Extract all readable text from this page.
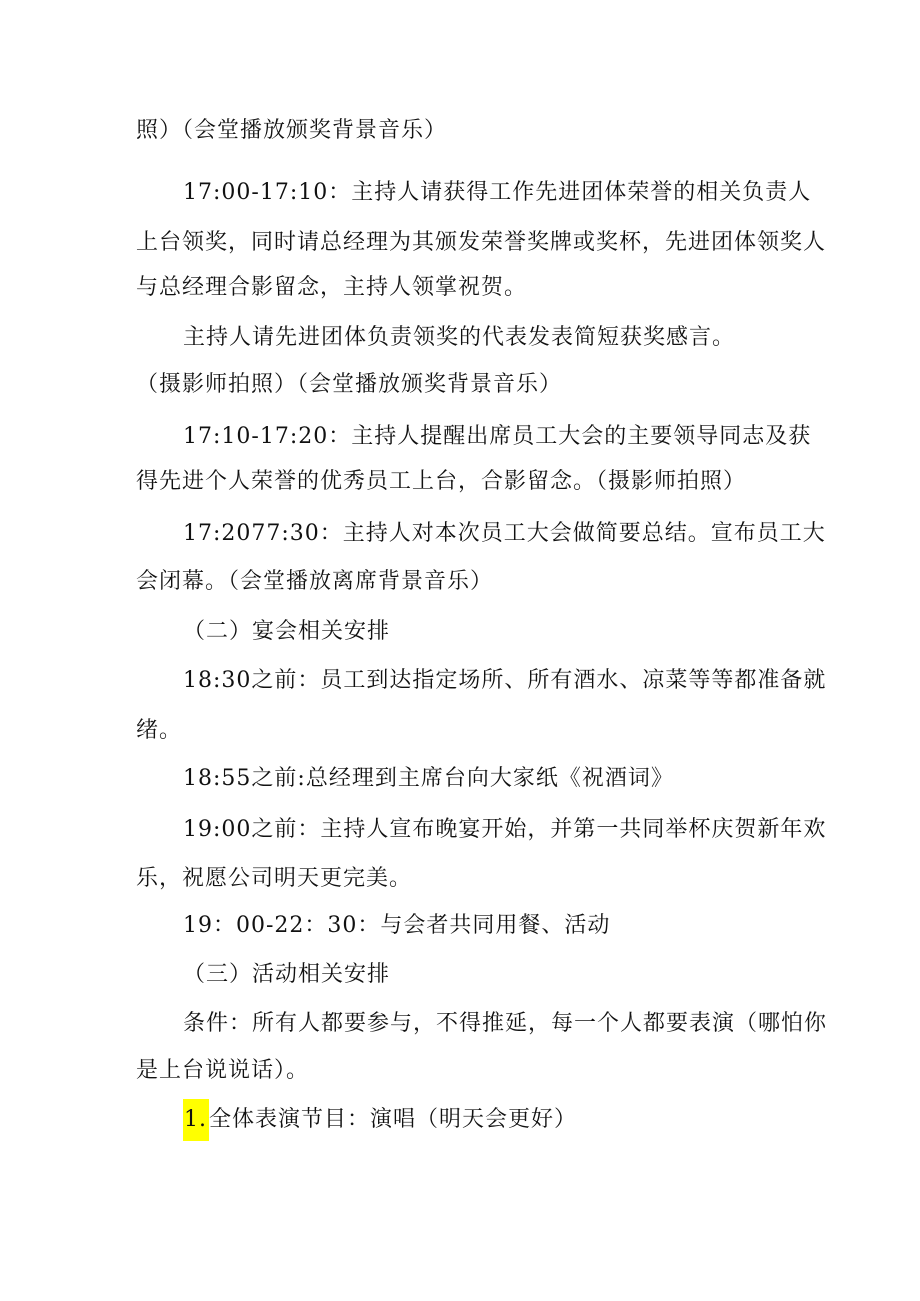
照）（会堂播放颁奖背景音乐）
17:00-17:10：主持人请获得工作先进团体荣誉的相关负责人
上台领奖，同时请总经理为其颁发荣誉奖牌或奖杯，先进团体领奖人
与总经理合影留念，主持人领掌祝贺。
主持人请先进团体负责领奖的代表发表简短获奖感言。
（摄影师拍照）（会堂播放颁奖背景音乐）
17:10-17:20：主持人提醒出席员工大会的主要领导同志及获
得先进个人荣誉的优秀员工上台，合影留念。（摄影师拍照）
17:2077:30：主持人对本次员工大会做简要总结。宣布员工大
会闭幕。（会堂播放离席背景音乐）
（二）宴会相关安排
18:30之前：员工到达指定场所、所有酒水、凉菜等等都准备就
绪。
18:55之前:总经理到主席台向大家纸《祝酒词》
19:00之前：主持人宣布晚宴开始，并第一共同举杯庆贺新年欢
乐，祝愿公司明天更完美。
19：00-22：30：与会者共同用餐、活动
（三）活动相关安排
条件：所有人都要参与，不得推延，每一个人都要表演（哪怕你
是上台说说话）。
1.全体表演节目：演唱（明天会更好）
